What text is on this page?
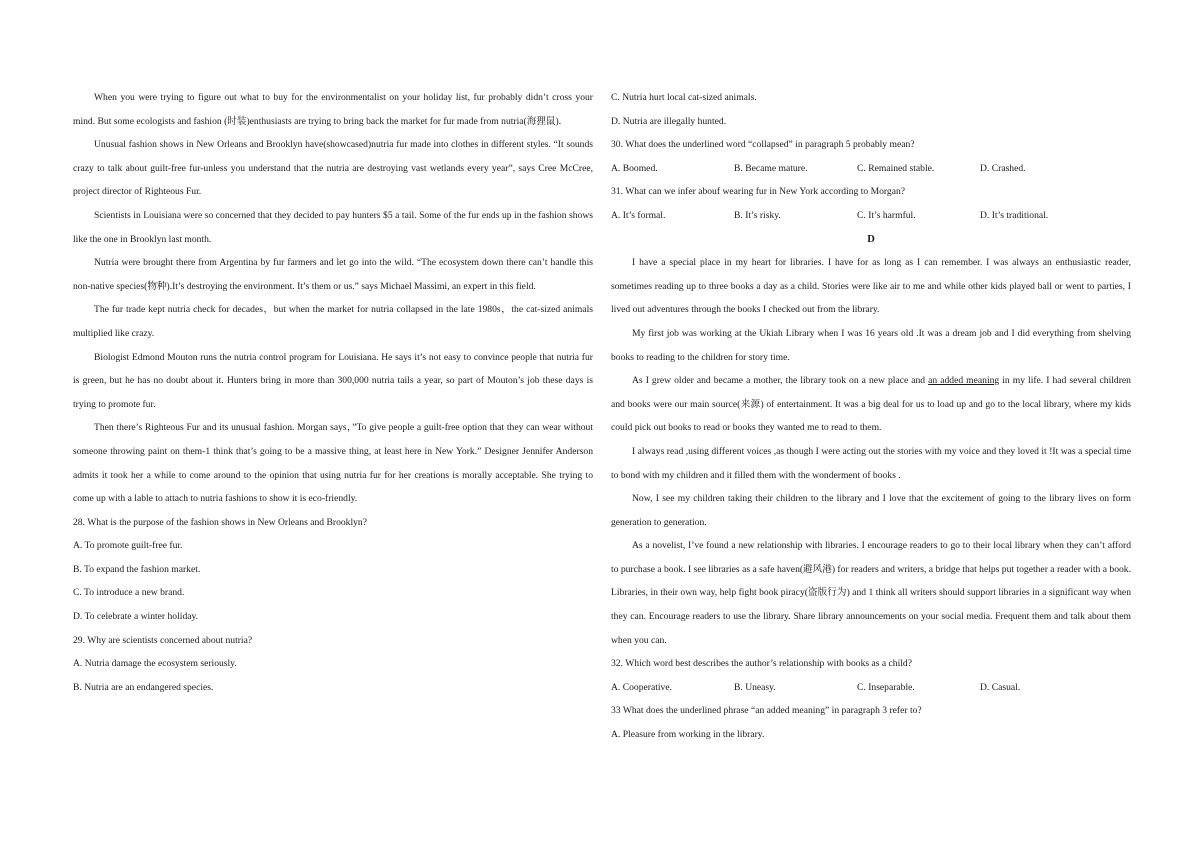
When you were trying to figure out what to buy for the environmentalist on your holiday list, fur probably didn’t cross your mind. But some ecologists and fashion (时装)enthusiasts are trying to bring back the market for fur made from nutria(海狸鼠).

Unusual fashion shows in New Orleans and Brooklyn have(showcased)nutria fur made into clothes in different styles. “It sounds crazy to talk about guilt-free fur-unless you understand that the nutria are destroying vast wetlands every year”, says Cree McCree, project director of Righteous Fur.

Scientists in Louisiana were so concerned that they decided to pay hunters $5 a tail. Some of the fur ends up in the fashion shows like the one in Brooklyn last month.

Nutria were brought there from Argentina by fur farmers and let go into the wild. “The ecosystem down there can’t handle this non-native species(物种).It’s destroying the environment. It’s them or us.” says Michael Massimi, an expert in this field.

The fur trade kept nutria check for decades，but when the market for nutria collapsed in the late 1980s，the cat-sized animals multiplied like crazy.

Biologist Edmond Mouton runs the nutria control program for Louisiana. He says it’s not easy to convince people that nutria fur is green, but he has no doubt about it. Hunters bring in more than 300,000 nutria tails a year, so part of Mouton’s job these days is trying to promote fur.

Then there’s Righteous Fur and its unusual fashion. Morgan says，”To give people a guilt-free option that they can wear without someone throwing paint on them-1 think that’s going to be a massive thing, at least here in New York.” Designer Jennifer Anderson admits it took her a while to come around to the opinion that using nutria fur for her creations is morally acceptable. She trying to come up with a lable to attach to nutria fashions to show it is eco-friendly.

28. What is the purpose of the fashion shows in New Orleans and Brooklyn?

A. To promote guilt-free fur.

B. To expand the fashion market.

C. To introduce a new brand.

D. To celebrate a winter holiday.

29. Why are scientists concerned about nutria?

A. Nutria damage the ecosystem seriously.

B. Nutria are an endangered species.

C. Nutria hurt local cat-sized animals.

D. Nutria are illegally hunted.

30. What does the underlined word “collapsed” in paragraph 5 probably mean?

A. Boomed.	B. Became mature.	C. Remained stable.	D. Crashed.

31. What can we infer abouf wearing fur in New York according to Morgan?

A. It’s formal.	B. It’s risky.	C. It’s harmful.	D. It’s traditional.

D

I have a special place in my heart for libraries. I have for as long as I can remember. I was always an enthusiastic reader, sometimes reading up to three books a day as a child. Stories were like air to me and while other kids played ball or went to parties, I lived out adventures through the books I checked out from the library.

My first job was working at the Ukiah Library when I was 16 years old .It was a dream job and I did everything from shelving books to reading to the children for story time.

As I grew older and became a mother, the library took on a new place and an added meaning in my life. I had several children and books were our main source(来源) of entertainment. It was a big deal for us to load up and go to the local library, where my kids could pick out books to read or books they wanted me to read to them.

I always read ,using different voices ,as though I were acting out the stories with my voice and they loved it !It was a special time to bond with my children and it filled them with the wonderment of books .

Now, I see my children taking their children to the library and I love that the excitement of going to the library lives on form generation to generation.

As a novelist, I’ve found a new relationship with libraries. I encourage readers to go to their local library when they can’t afford to purchase a book. I see libraries as a safe haven(避风港) for readers and writers, a bridge that helps put together a reader with a book. Libraries, in their own way, help fight book piracy(盗版行为) and 1 think all writers should support libraries in a significant way when they can. Encourage readers to use the library. Share library announcements on your social media. Frequent them and talk about them when you can.

32. Which word best describes the author’s relationship with books as a child?

A. Cooperative.	B. Uneasy.	C. Inseparable.	D. Casual.

33 What does the underlined phrase “an added meaning” in paragraph 3 refer to?

A. Pleasure from working in the library.
